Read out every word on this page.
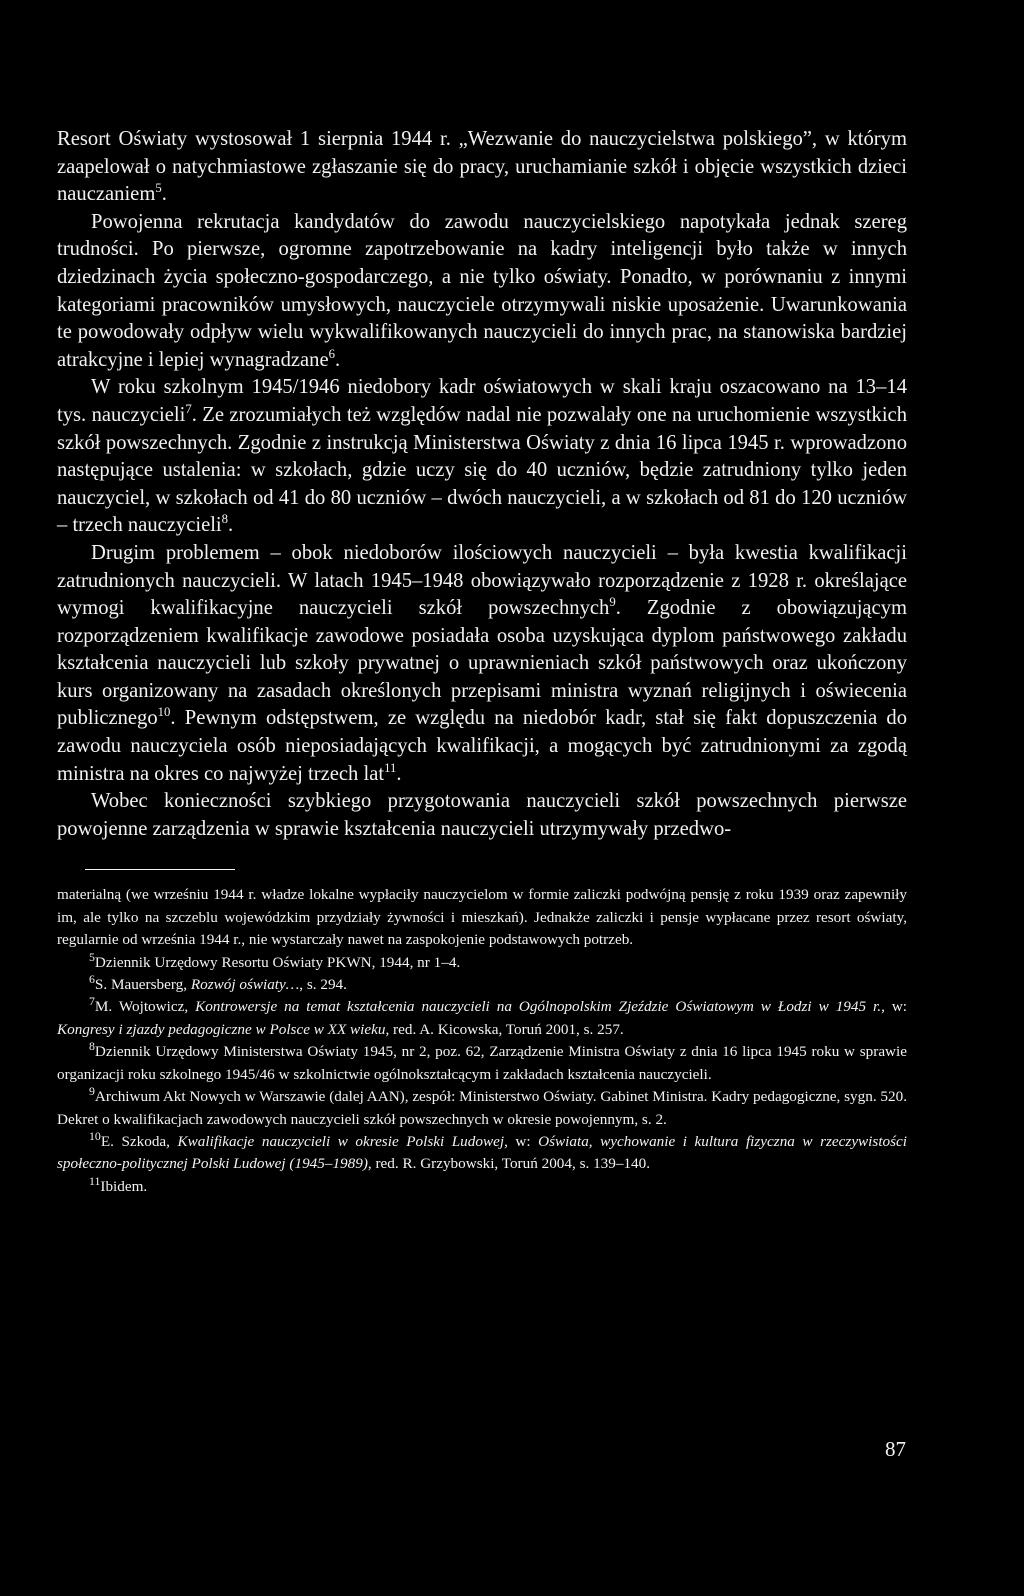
Resort Oświaty wystosował 1 sierpnia 1944 r. „Wezwanie do nauczycielstwa polskiego”, w którym zaapelował o natychmiastowe zgłaszanie się do pracy, uruchamianie szkół i objęcie wszystkich dzieci nauczaniem$^5$.

Powojenna rekrutacja kandydatów do zawodu nauczycielskiego napotykała jednak szereg trudności. Po pierwsze, ogromne zapotrzebowanie na kadry inteligencji było także w innych dziedzinach życia społeczno-gospodarczego, a nie tylko oświaty. Ponadto, w porównaniu z innymi kategoriami pracowników umysłowych, nauczyciele otrzymywali niskie uposażenie. Uwarunkowania te powodowały odpływ wielu wykwalifikowanych nauczycieli do innych prac, na stanowiska bardziej atrakcyjne i lepiej wynagradzane$^6$.

W roku szkolnym 1945/1946 niedobory kadr oświatowych w skali kraju oszacowano na 13–14 tys. nauczycieli$^7$. Ze zrozumiałych też względów nadal nie pozwalały one na uruchomienie wszystkich szkół powszechnych. Zgodnie z instrukcją Ministerstwa Oświaty z dnia 16 lipca 1945 r. wprowadzono następujące ustalenia: w szkołach, gdzie uczy się do 40 uczniów, będzie zatrudniony tylko jeden nauczyciel, w szkołach od 41 do 80 uczniów – dwóch nauczycieli, a w szkołach od 81 do 120 uczniów – trzech nauczycieli$^8$.

Drugim problemem – obok niedoborów ilościowych nauczycieli – była kwestia kwalifikacji zatrudnionych nauczycieli. W latach 1945–1948 obowiązywało rozporządzenie z 1928 r. określające wymogi kwalifikacyjne nauczycieli szkół powszechnych$^9$. Zgodnie z obowiązującym rozporządzeniem kwalifikacje zawodowe posiadała osoba uzyskująca dyplom państwowego zakładu kształcenia nauczycieli lub szkoły prywatnej o uprawnieniach szkół państwowych oraz ukończony kurs organizowany na zasadach określonych przepisami ministra wyznań religijnych i oświecenia publicznego$^{10}$. Pewnym odstępstwem, ze względu na niedobór kadr, stał się fakt dopuszczenia do zawodu nauczyciela osób nieposiadających kwalifikacji, a mogących być zatrudnionymi za zgodą ministra na okres co najwyżej trzech lat$^{11}$.

Wobec konieczności szybkiego przygotowania nauczycieli szkół powszechnych pierwsze powojenne zarządzenia w sprawie kształcenia nauczycieli utrzymywały przedwo-

materialną (we wrześniu 1944 r. władze lokalne wypłaciły nauczycielom w formie zaliczki podwójną pensję z roku 1939 oraz zapewniły im, ale tylko na szczeblu wojewódzkim przydziały żywności i mieszkań). Jednakże zaliczki i pensje wypłacane przez resort oświaty, regularnie od września 1944 r., nie wystarczały nawet na zaspokojenie podstawowych potrzeb.

$^5$Dziennik Urzędowy Resortu Oświaty PKWN, 1944, nr 1–4.

$^6$S. Mauersberg, Rozwój oświaty…, s. 294.

$^7$M. Wojtowicz, Kontrowersje na temat kształcenia nauczycieli na Ogólnopolskim Zjeździe Oświatowym w Łodzi w 1945 r., w: Kongresy i zjazdy pedagogiczne w Polsce w XX wieku, red. A. Kicowska, Toruń 2001, s. 257.

$^8$Dziennik Urzędowy Ministerstwa Oświaty 1945, nr 2, poz. 62, Zarządzenie Ministra Oświaty z dnia 16 lipca 1945 roku w sprawie organizacji roku szkolnego 1945/46 w szkolnictwie ogólnokształcącym i zakładach kształcenia nauczycieli.

$^9$Archiwum Akt Nowych w Warszawie (dalej AAN), zespół: Ministerstwo Oświaty. Gabinet Ministra. Kadry pedagogiczne, sygn. 520. Dekret o kwalifikacjach zawodowych nauczycieli szkół powszechnych w okresie powojennym, s. 2.

$^{10}$E. Szkoda, Kwalifikacje nauczycieli w okresie Polski Ludowej, w: Oświata, wychowanie i kultura fizyczna w rzeczywistości społeczno-politycznej Polski Ludowej (1945–1989), red. R. Grzybowski, Toruń 2004, s. 139–140.

$^{11}$Ibidem.

87
